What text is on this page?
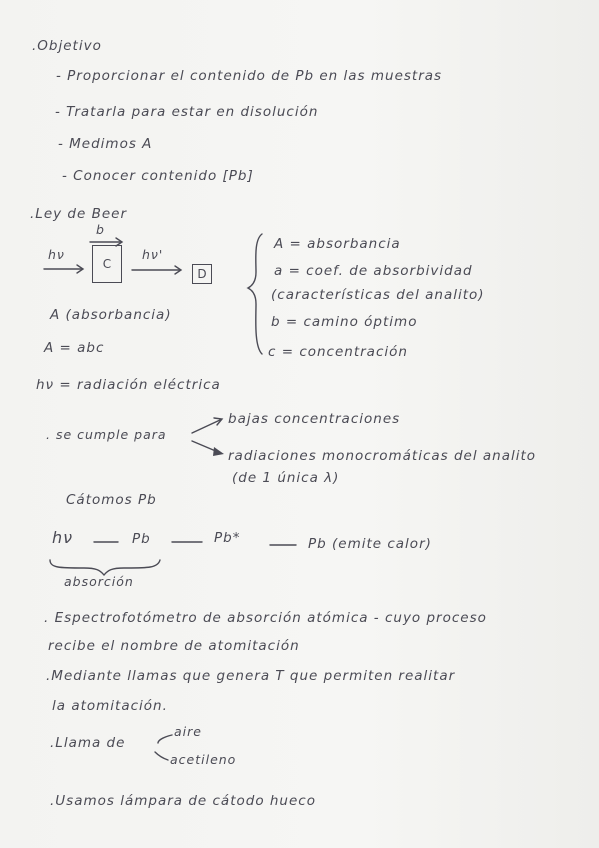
.Objetivo
- Proporcionar el contenido de Pb en las muestras
- Tratarla para estar en disolución
- Medimos A
- Conocer contenido [Pb]
.Ley de Beer
b
hν	hν'
C
D
A = absorbancia
a = coef. de absorbividad
(características del analito)
b = camino óptimo
c = concentración
A (absorbancia)
A = abc
hν = radiación eléctrica
. se cumple para
bajas concentraciones
radiaciones monocromáticas del analito
(de 1 única λ)
Cátomos Pb
hν	Pb	Pb*	Pb (emite calor)
absorción
. Espectrofotómetro de absorción atómica - cuyo proceso
recibe el nombre de atomitación
.Mediante llamas que genera T que permiten realitar
la atomitación.
.Llama de
aire
acetileno
.Usamos lámpara de cátodo hueco
